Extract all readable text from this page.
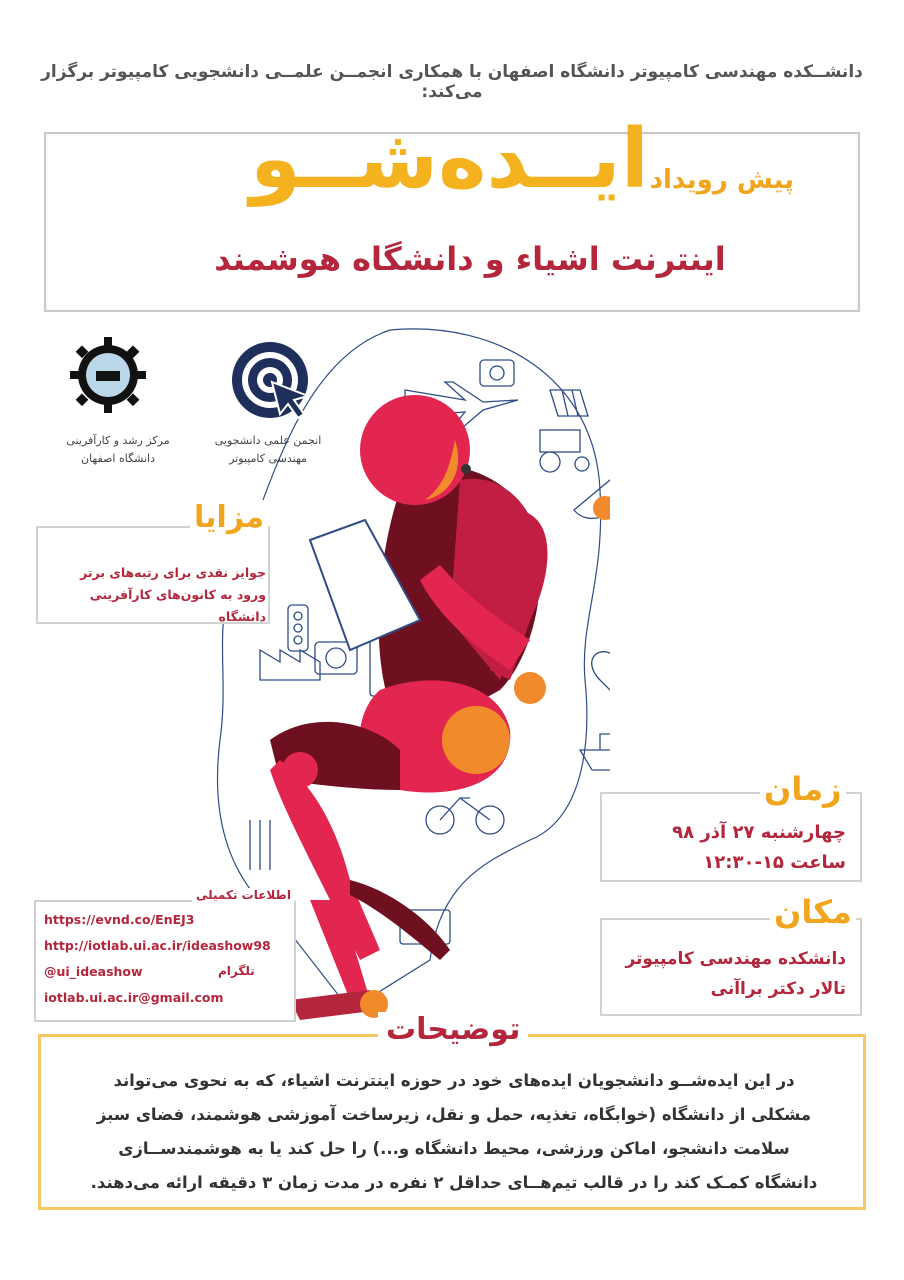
دانشــکده مهندسی کامپیوتر دانشگاه اصفهان با همکاری انجمــن علمــی دانشجویی کامپیوتر برگزار می‌کند:
ایــده‌شــو پیش رویداد
اینترنت اشیاء و دانشگاه هوشمند
مرکز رشد و کارآفرینی
دانشگاه اصفهان
انجمن علمی دانشجویی
مهندسی کامپیوتر
مزایا
جوایز نقدی برای رتبه‌های برتر
ورود به کانون‌های کارآفرینی دانشگاه
زمان
چهارشنبه ۲۷ آذر ۹۸
ساعت ۱۵-۱۲:۳۰
مکان
دانشکده مهندسی کامپیوتر
تالار دکتر براآنی
اطلاعات تکمیلی
https://evnd.co/EnEJ3
http://iotlab.ui.ac.ir/ideashow98
@ui_ideashow	تلگرام
iotlab.ui.ac.ir@gmail.com
توضیحات
در این ایده‌شــو دانشجویان ایده‌های خود در حوزه اینترنت اشیاء، که به نحوی می‌تواند
مشکلی از دانشگاه (خوابگاه، تغذیه، حمل و نقل، زیرساخت آموزشی هوشمند، فضای سبز
سلامت دانشجو، اماکن ورزشی، محیط دانشگاه و...) را حل کند یا به هوشمندســازی
دانشگاه کمـک کند را در قالب تیم‌هــای حداقل ۲ نفره در مدت زمان ۳ دقیقه ارائه می‌دهند.
